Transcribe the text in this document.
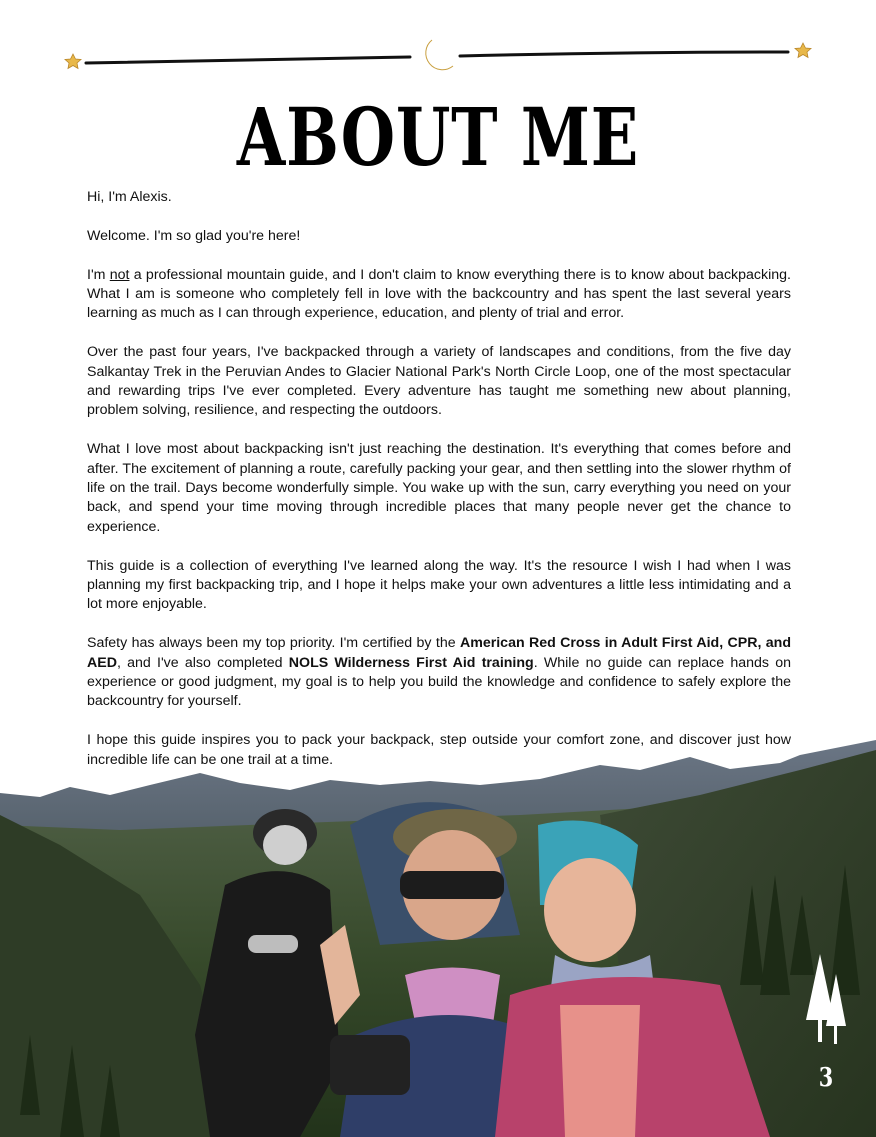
ABOUT ME

Hi, I'm Alexis.

Welcome. I'm so glad you're here!

I'm not a professional mountain guide, and I don't claim to know everything there is to know about backpacking. What I am is someone who completely fell in love with the backcountry and has spent the last several years learning as much as I can through experience, education, and plenty of trial and error.

Over the past four years, I've backpacked through a variety of landscapes and conditions, from the five day Salkantay Trek in the Peruvian Andes to Glacier National Park's North Circle Loop, one of the most spectacular and rewarding trips I've ever completed. Every adventure has taught me something new about planning, problem solving, resilience, and respecting the outdoors.

What I love most about backpacking isn't just reaching the destination. It's everything that comes before and after. The excitement of planning a route, carefully packing your gear, and then settling into the slower rhythm of life on the trail. Days become wonderfully simple. You wake up with the sun, carry everything you need on your back, and spend your time moving through incredible places that many people never get the chance to experience.

This guide is a collection of everything I've learned along the way. It's the resource I wish I had when I was planning my first backpacking trip, and I hope it helps make your own adventures a little less intimidating and a lot more enjoyable.

Safety has always been my top priority. I'm certified by the American Red Cross in Adult First Aid, CPR, and AED, and I've also completed NOLS Wilderness First Aid training. While no guide can replace hands on experience or good judgment, my goal is to help you build the knowledge and confidence to safely explore the backcountry for yourself.

I hope this guide inspires you to pack your backpack, step outside your comfort zone, and discover just how incredible life can be one trail at a time.

3
